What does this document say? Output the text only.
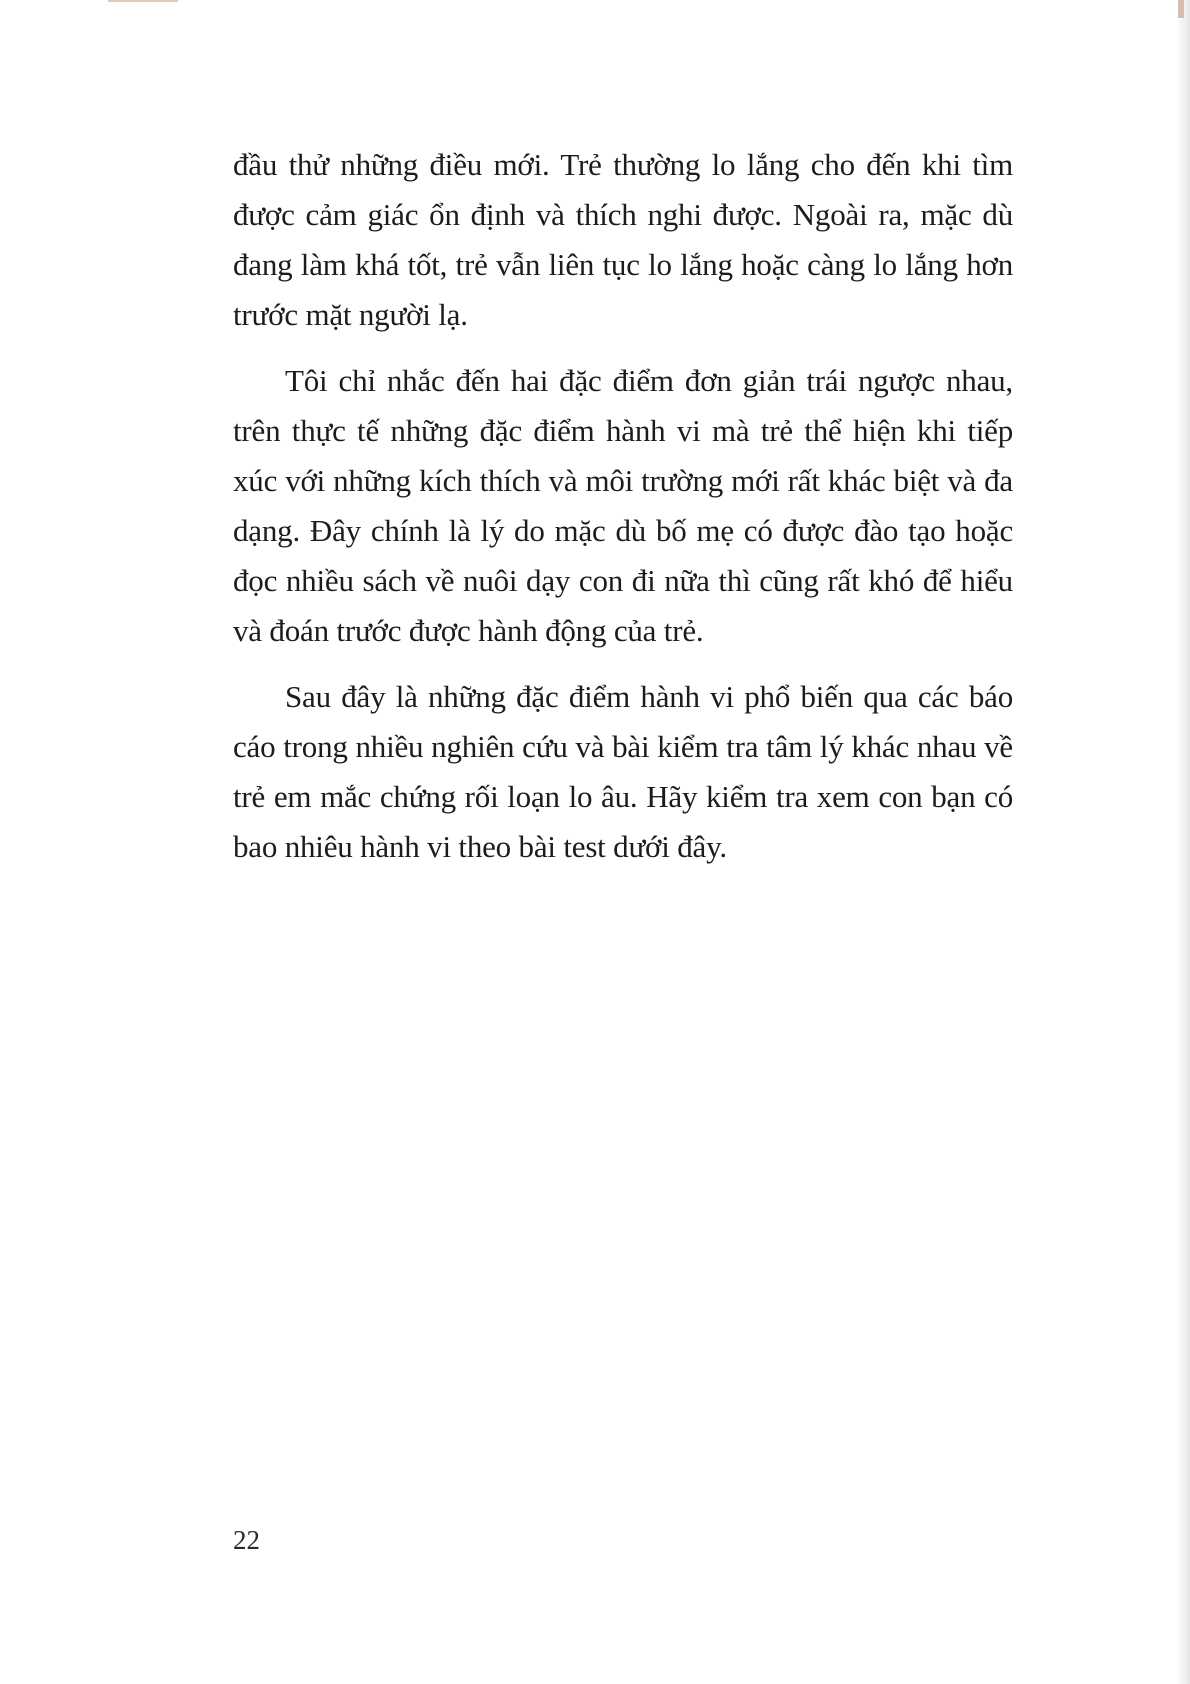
đầu thử những điều mới. Trẻ thường lo lắng cho đến khi tìm được cảm giác ổn định và thích nghi được. Ngoài ra, mặc dù đang làm khá tốt, trẻ vẫn liên tục lo lắng hoặc càng lo lắng hơn trước mặt người lạ.

Tôi chỉ nhắc đến hai đặc điểm đơn giản trái ngược nhau, trên thực tế những đặc điểm hành vi mà trẻ thể hiện khi tiếp xúc với những kích thích và môi trường mới rất khác biệt và đa dạng. Đây chính là lý do mặc dù bố mẹ có được đào tạo hoặc đọc nhiều sách về nuôi dạy con đi nữa thì cũng rất khó để hiểu và đoán trước được hành động của trẻ.

Sau đây là những đặc điểm hành vi phổ biến qua các báo cáo trong nhiều nghiên cứu và bài kiểm tra tâm lý khác nhau về trẻ em mắc chứng rối loạn lo âu. Hãy kiểm tra xem con bạn có bao nhiêu hành vi theo bài test dưới đây.

22
